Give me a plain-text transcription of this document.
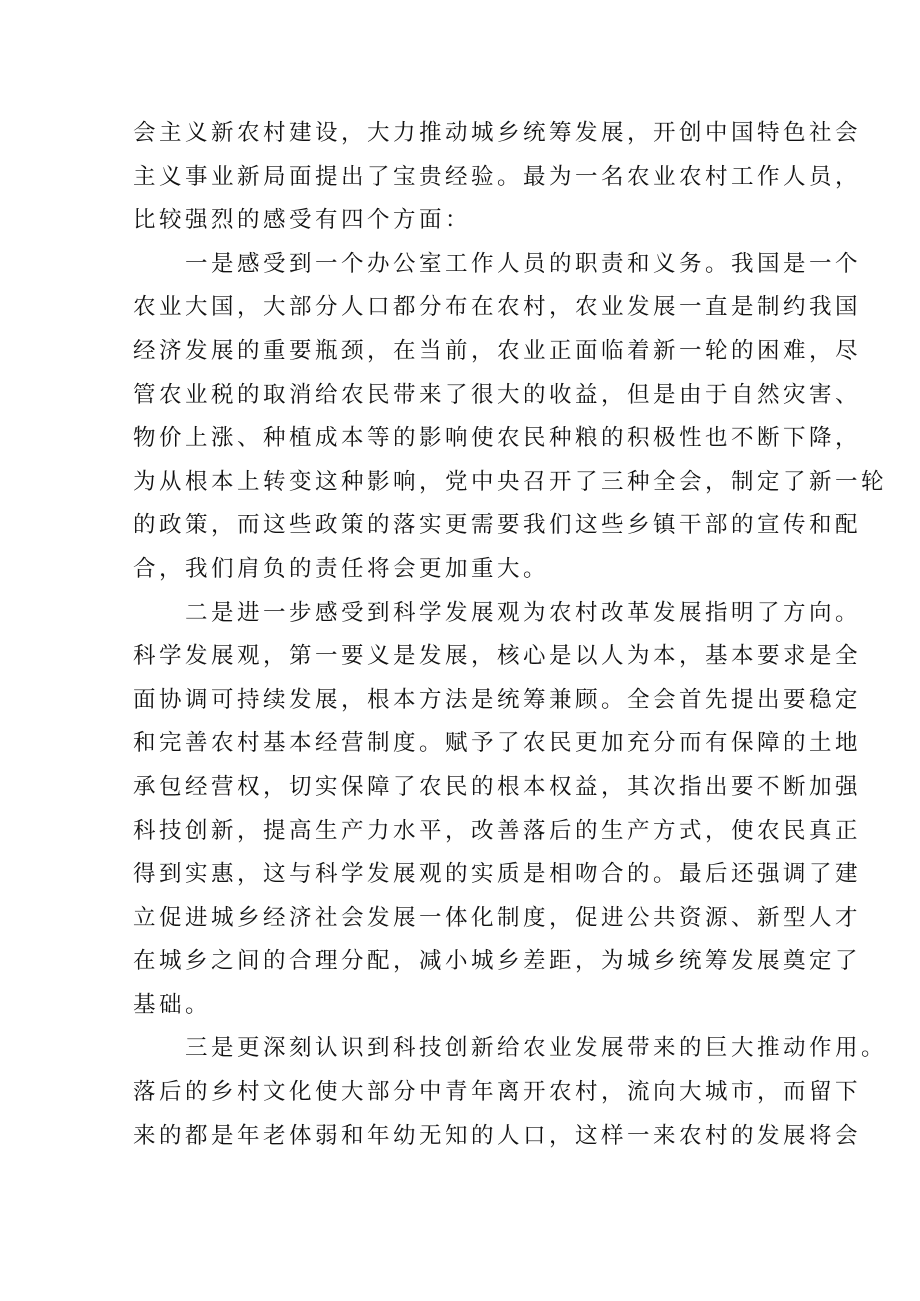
会主义新农村建设，大力推动城乡统筹发展，开创中国特色社会
主义事业新局面提出了宝贵经验。最为一名农业农村工作人员，
比较强烈的感受有四个方面：
一是感受到一个办公室工作人员的职责和义务。我国是一个
农业大国，大部分人口都分布在农村，农业发展一直是制约我国
经济发展的重要瓶颈，在当前，农业正面临着新一轮的困难，尽
管农业税的取消给农民带来了很大的收益，但是由于自然灾害、
物价上涨、种植成本等的影响使农民种粮的积极性也不断下降，
为从根本上转变这种影响，党中央召开了三种全会，制定了新一轮
的政策，而这些政策的落实更需要我们这些乡镇干部的宣传和配
合，我们肩负的责任将会更加重大。
二是进一步感受到科学发展观为农村改革发展指明了方向。
科学发展观，第一要义是发展，核心是以人为本，基本要求是全
面协调可持续发展，根本方法是统筹兼顾。全会首先提出要稳定
和完善农村基本经营制度。赋予了农民更加充分而有保障的土地
承包经营权，切实保障了农民的根本权益，其次指出要不断加强
科技创新，提高生产力水平，改善落后的生产方式，使农民真正
得到实惠，这与科学发展观的实质是相吻合的。最后还强调了建
立促进城乡经济社会发展一体化制度，促进公共资源、新型人才
在城乡之间的合理分配，减小城乡差距，为城乡统筹发展奠定了
基础。
三是更深刻认识到科技创新给农业发展带来的巨大推动作用。
落后的乡村文化使大部分中青年离开农村，流向大城市，而留下
来的都是年老体弱和年幼无知的人口，这样一来农村的发展将会
